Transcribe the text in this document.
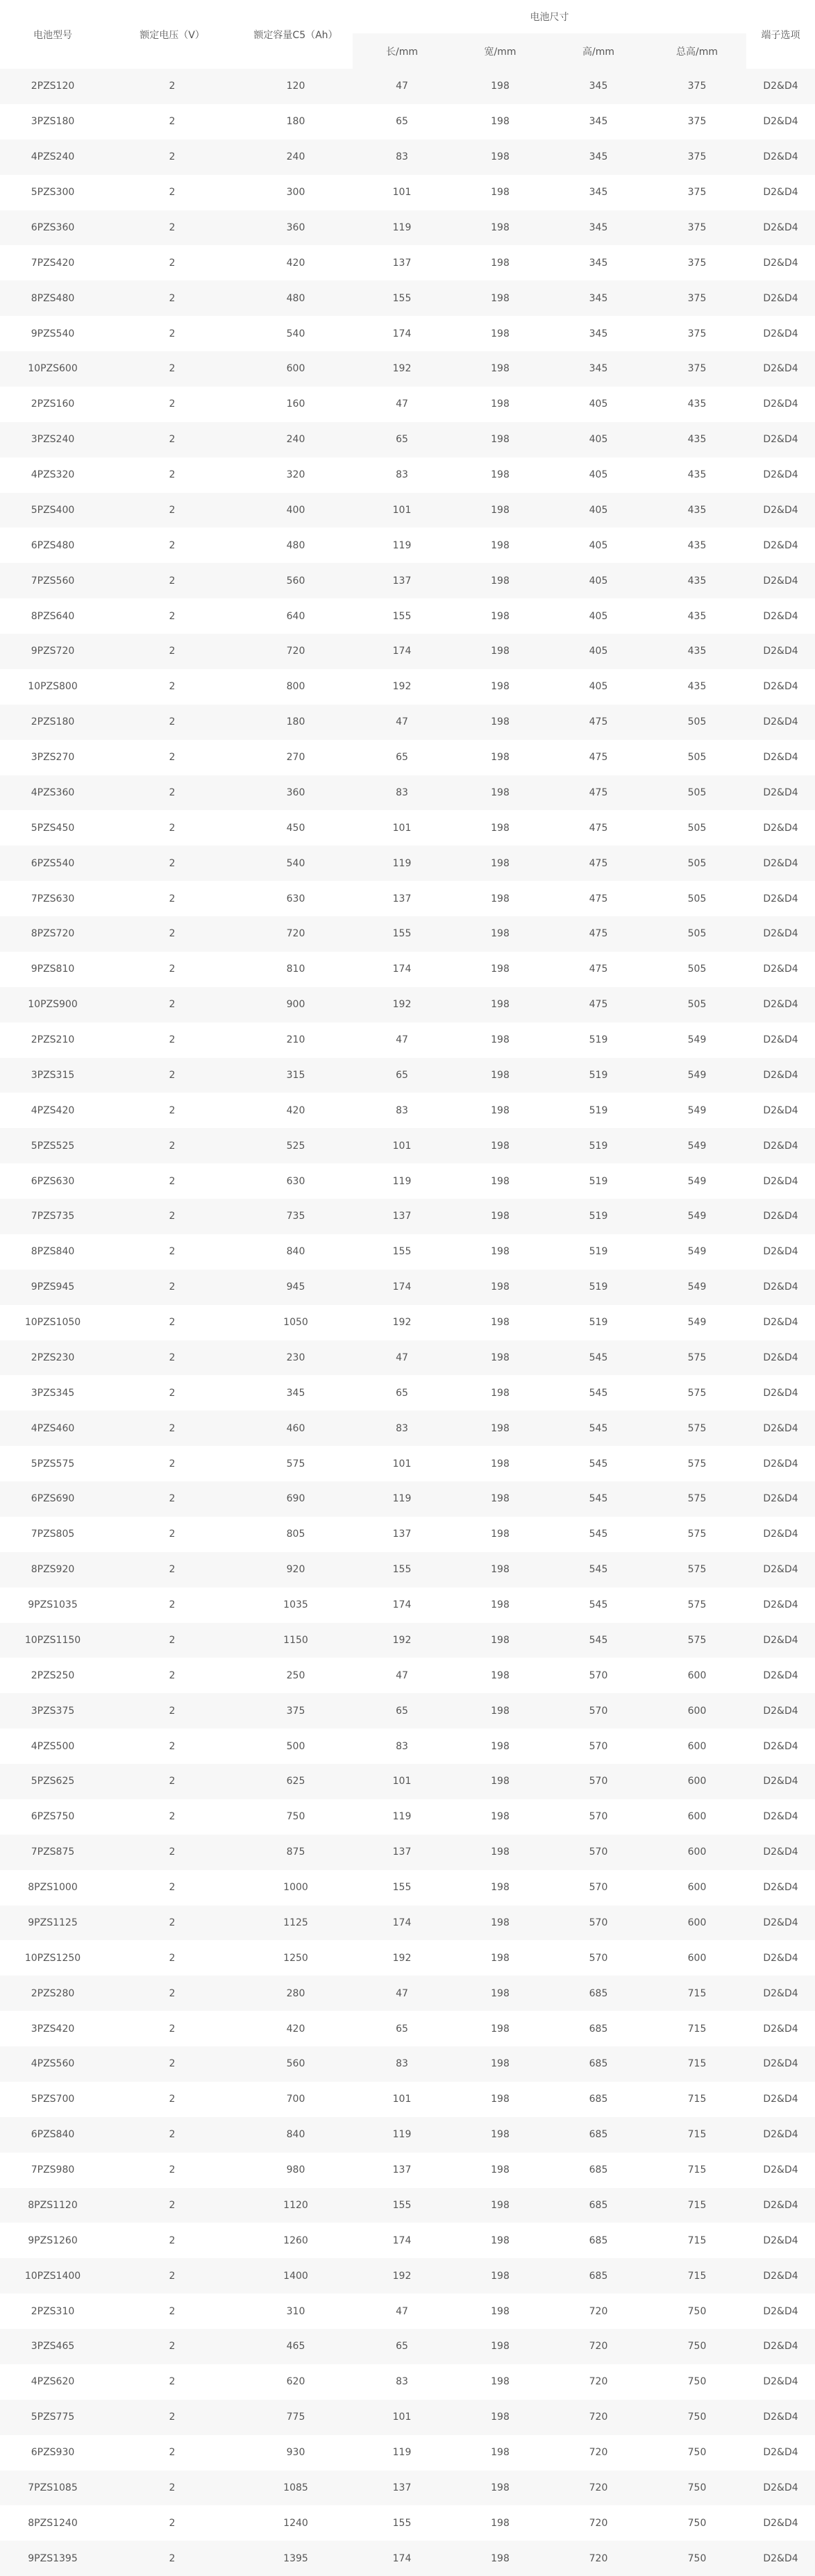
电池型号	额定电压（V）	额定容量C5（Ah）	电池尺寸				端子选项
			长/mm	宽/mm	高/mm	总高/mm	
2PZS120	2	120	47	198	345	375	D2&D4
3PZS180	2	180	65	198	345	375	D2&D4
4PZS240	2	240	83	198	345	375	D2&D4
5PZS300	2	300	101	198	345	375	D2&D4
6PZS360	2	360	119	198	345	375	D2&D4
7PZS420	2	420	137	198	345	375	D2&D4
8PZS480	2	480	155	198	345	375	D2&D4
9PZS540	2	540	174	198	345	375	D2&D4
10PZS600	2	600	192	198	345	375	D2&D4
2PZS160	2	160	47	198	405	435	D2&D4
3PZS240	2	240	65	198	405	435	D2&D4
4PZS320	2	320	83	198	405	435	D2&D4
5PZS400	2	400	101	198	405	435	D2&D4
6PZS480	2	480	119	198	405	435	D2&D4
7PZS560	2	560	137	198	405	435	D2&D4
8PZS640	2	640	155	198	405	435	D2&D4
9PZS720	2	720	174	198	405	435	D2&D4
10PZS800	2	800	192	198	405	435	D2&D4
2PZS180	2	180	47	198	475	505	D2&D4
3PZS270	2	270	65	198	475	505	D2&D4
4PZS360	2	360	83	198	475	505	D2&D4
5PZS450	2	450	101	198	475	505	D2&D4
6PZS540	2	540	119	198	475	505	D2&D4
7PZS630	2	630	137	198	475	505	D2&D4
8PZS720	2	720	155	198	475	505	D2&D4
9PZS810	2	810	174	198	475	505	D2&D4
10PZS900	2	900	192	198	475	505	D2&D4
2PZS210	2	210	47	198	519	549	D2&D4
3PZS315	2	315	65	198	519	549	D2&D4
4PZS420	2	420	83	198	519	549	D2&D4
5PZS525	2	525	101	198	519	549	D2&D4
6PZS630	2	630	119	198	519	549	D2&D4
7PZS735	2	735	137	198	519	549	D2&D4
8PZS840	2	840	155	198	519	549	D2&D4
9PZS945	2	945	174	198	519	549	D2&D4
10PZS1050	2	1050	192	198	519	549	D2&D4
2PZS230	2	230	47	198	545	575	D2&D4
3PZS345	2	345	65	198	545	575	D2&D4
4PZS460	2	460	83	198	545	575	D2&D4
5PZS575	2	575	101	198	545	575	D2&D4
6PZS690	2	690	119	198	545	575	D2&D4
7PZS805	2	805	137	198	545	575	D2&D4
8PZS920	2	920	155	198	545	575	D2&D4
9PZS1035	2	1035	174	198	545	575	D2&D4
10PZS1150	2	1150	192	198	545	575	D2&D4
2PZS250	2	250	47	198	570	600	D2&D4
3PZS375	2	375	65	198	570	600	D2&D4
4PZS500	2	500	83	198	570	600	D2&D4
5PZS625	2	625	101	198	570	600	D2&D4
6PZS750	2	750	119	198	570	600	D2&D4
7PZS875	2	875	137	198	570	600	D2&D4
8PZS1000	2	1000	155	198	570	600	D2&D4
9PZS1125	2	1125	174	198	570	600	D2&D4
10PZS1250	2	1250	192	198	570	600	D2&D4
2PZS280	2	280	47	198	685	715	D2&D4
3PZS420	2	420	65	198	685	715	D2&D4
4PZS560	2	560	83	198	685	715	D2&D4
5PZS700	2	700	101	198	685	715	D2&D4
6PZS840	2	840	119	198	685	715	D2&D4
7PZS980	2	980	137	198	685	715	D2&D4
8PZS1120	2	1120	155	198	685	715	D2&D4
9PZS1260	2	1260	174	198	685	715	D2&D4
10PZS1400	2	1400	192	198	685	715	D2&D4
2PZS310	2	310	47	198	720	750	D2&D4
3PZS465	2	465	65	198	720	750	D2&D4
4PZS620	2	620	83	198	720	750	D2&D4
5PZS775	2	775	101	198	720	750	D2&D4
6PZS930	2	930	119	198	720	750	D2&D4
7PZS1085	2	1085	137	198	720	750	D2&D4
8PZS1240	2	1240	155	198	720	750	D2&D4
9PZS1395	2	1395	174	198	720	750	D2&D4
